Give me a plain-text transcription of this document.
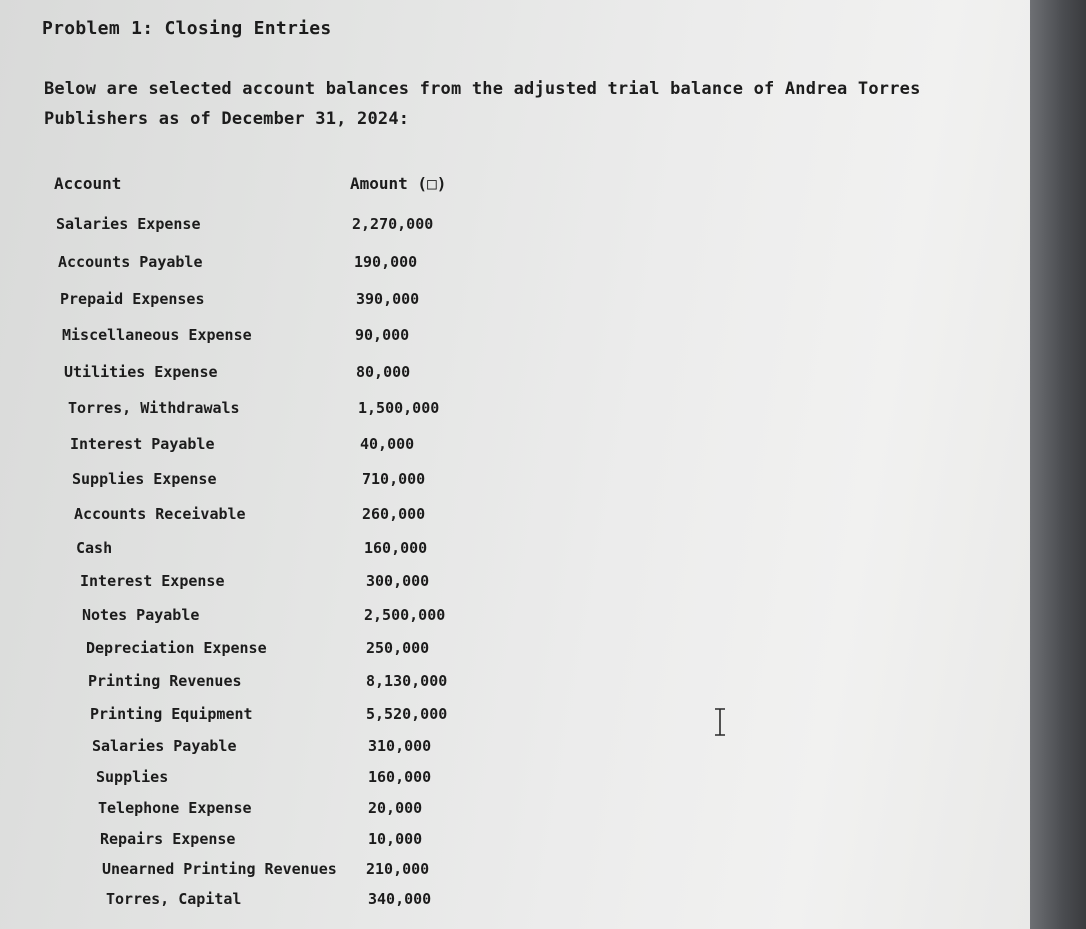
Problem 1: Closing Entries
Below are selected account balances from the adjusted trial balance of Andrea Torres Publishers as of December 31, 2024:
Account	Amount (□)
Salaries Expense	2,270,000
Accounts Payable	190,000
Prepaid Expenses	390,000
Miscellaneous Expense	90,000
Utilities Expense	80,000
Torres, Withdrawals	1,500,000
Interest Payable	40,000
Supplies Expense	710,000
Accounts Receivable	260,000
Cash	160,000
Interest Expense	300,000
Notes Payable	2,500,000
Depreciation Expense	250,000
Printing Revenues	8,130,000
Printing Equipment	5,520,000
Salaries Payable	310,000
Supplies	160,000
Telephone Expense	20,000
Repairs Expense	10,000
Unearned Printing Revenues 210,000
Torres, Capital	340,000
